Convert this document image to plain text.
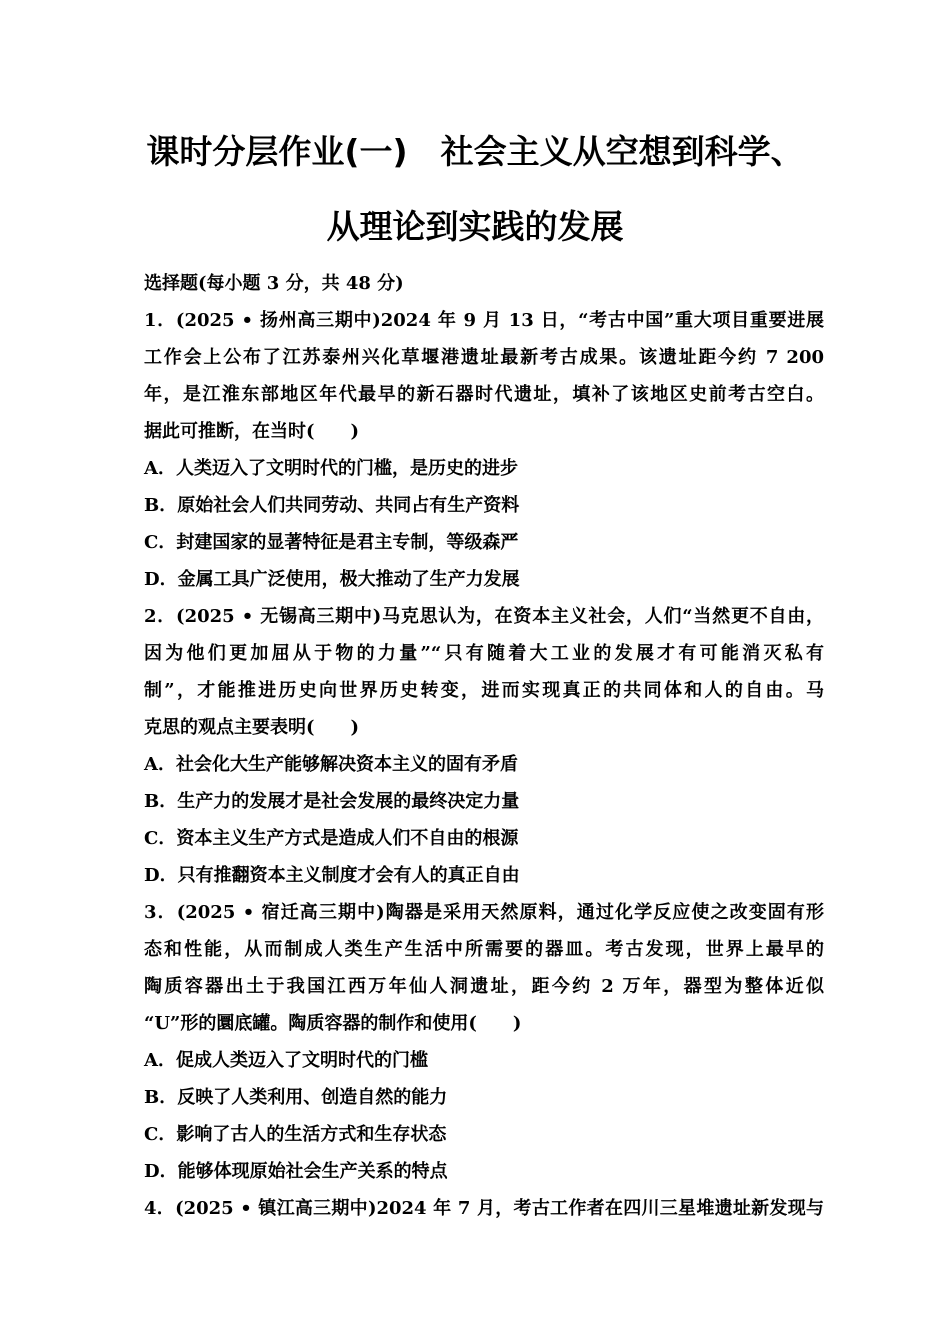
课时分层作业(一)　社会主义从空想到科学、
从理论到实践的发展
选择题(每小题 3 分，共 48 分)
1．(2025 • 扬州高三期中)2024 年 9 月 13 日，“考古中国”重大项目重要进展
工作会上公布了江苏泰州兴化草堰港遗址最新考古成果。该遗址距今约 7 200
年，是江淮东部地区年代最早的新石器时代遗址，填补了该地区史前考古空白。
据此可推断，在当时(　　)
A．人类迈入了文明时代的门槛，是历史的进步
B．原始社会人们共同劳动、共同占有生产资料
C．封建国家的显著特征是君主专制，等级森严
D．金属工具广泛使用，极大推动了生产力发展
2．(2025 • 无锡高三期中)马克思认为，在资本主义社会，人们“当然更不自由，
因为他们更加屈从于物的力量”“只有随着大工业的发展才有可能消灭私有
制”，才能推进历史向世界历史转变，进而实现真正的共同体和人的自由。马
克思的观点主要表明(　　)
A．社会化大生产能够解决资本主义的固有矛盾
B．生产力的发展才是社会发展的最终决定力量
C．资本主义生产方式是造成人们不自由的根源
D．只有推翻资本主义制度才会有人的真正自由
3．(2025 • 宿迁高三期中)陶器是采用天然原料，通过化学反应使之改变固有形
态和性能，从而制成人类生产生活中所需要的器皿。考古发现，世界上最早的
陶质容器出土于我国江西万年仙人洞遗址，距今约 2 万年，器型为整体近似
“U”形的圜底罐。陶质容器的制作和使用(　　)
A．促成人类迈入了文明时代的门槛
B．反映了人类利用、创造自然的能力
C．影响了古人的生活方式和生存状态
D．能够体现原始社会生产关系的特点
4．(2025 • 镇江高三期中)2024 年 7 月，考古工作者在四川三星堆遗址新发现与
